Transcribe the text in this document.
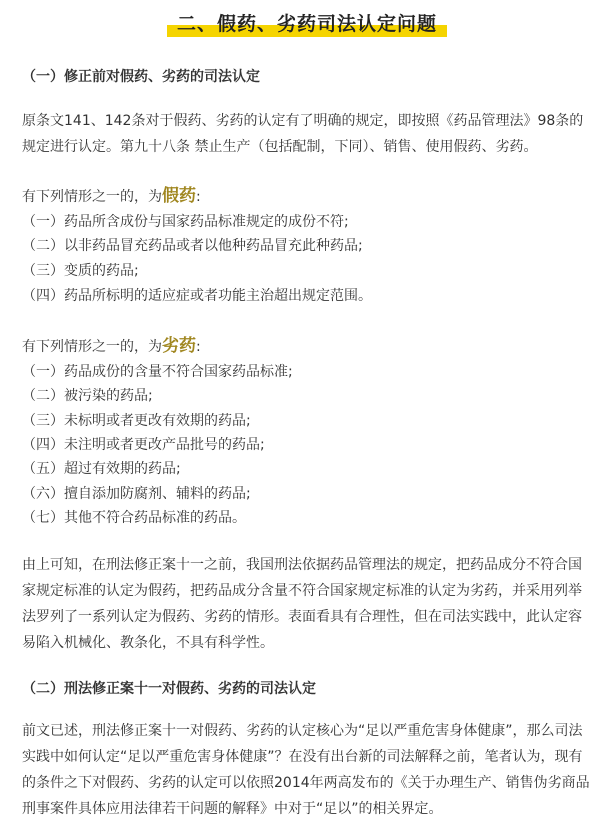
二、假药、劣药司法认定问题
（一）修正前对假药、劣药的司法认定
原条文141、142条对于假药、劣药的认定有了明确的规定，即按照《药品管理法》98条的
规定进行认定。第九十八条 禁止生产（包括配制，下同）、销售、使用假药、劣药。
有下列情形之一的，为假药:
（一）药品所含成份与国家药品标准规定的成份不符;
（二）以非药品冒充药品或者以他种药品冒充此种药品;
（三）变质的药品;
（四）药品所标明的适应症或者功能主治超出规定范围。
有下列情形之一的，为劣药:
（一）药品成份的含量不符合国家药品标准;
（二）被污染的药品;
（三）未标明或者更改有效期的药品;
（四）未注明或者更改产品批号的药品;
（五）超过有效期的药品;
（六）擅自添加防腐剂、辅料的药品;
（七）其他不符合药品标准的药品。
由上可知，在刑法修正案十一之前，我国刑法依据药品管理法的规定，把药品成分不符合国
家规定标准的认定为假药，把药品成分含量不符合国家规定标准的认定为劣药，并采用列举
法罗列了一系列认定为假药、劣药的情形。表面看具有合理性，但在司法实践中，此认定容
易陷入机械化、教条化，不具有科学性。
（二）刑法修正案十一对假药、劣药的司法认定
前文已述，刑法修正案十一对假药、劣药的认定核心为“足以严重危害身体健康”，那么司法
实践中如何认定“足以严重危害身体健康”？在没有出台新的司法解释之前，笔者认为，现有
的条件之下对假药、劣药的认定可以依照2014年两高发布的《关于办理生产、销售伪劣商品
刑事案件具体应用法律若干问题的解释》中对于“足以”的相关界定。
